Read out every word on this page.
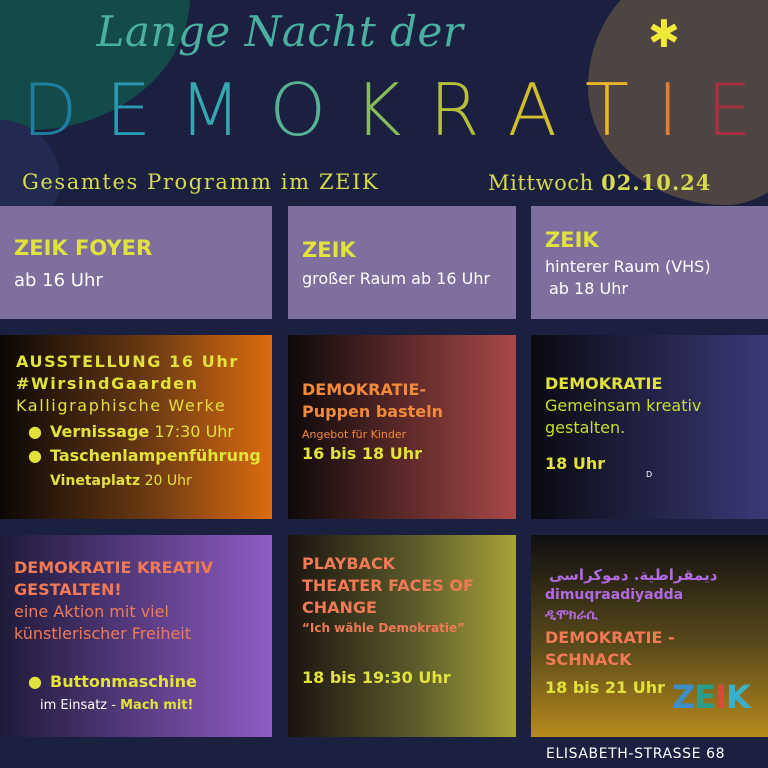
Lange Nacht der	✱
D E M O K R A T I E
Gesamtes Programm im ZEIK	Mittwoch 02.10.24
ZEIK FOYER
ab 16 Uhr
ZEIK
großer Raum ab 16 Uhr
ZEIK
hinterer Raum (VHS)
ab 18 Uhr
AUSSTELLUNG 16 Uhr
#WirsindGaarden
Kalligraphische Werke
● Vernissage 17:30 Uhr
● Taschenlampenführung
Vinetaplatz 20 Uhr
DEMOKRATIE-
Puppen basteln
Angebot für Kinder
16 bis 18 Uhr
DEMOKRATIE
Gemeinsam kreativ
gestalten.
18 Uhr
D
DEMOKRATIE KREATIV
GESTALTEN!
eine Aktion mit viel
künstlerischer Freiheit
● Buttonmaschine
im Einsatz - Mach mit!
PLAYBACK
THEATER FACES OF
CHANGE
“Ich wähle Demokratie”
18 bis 19:30 Uhr
ديمقراطية. دموكراسی
dimuqraadiyadda
ዲሞክራሲ
DEMOKRATIE -
SCHNACK
18 bis 21 Uhr ZEIK
ELISABETH-STRASSE 68
